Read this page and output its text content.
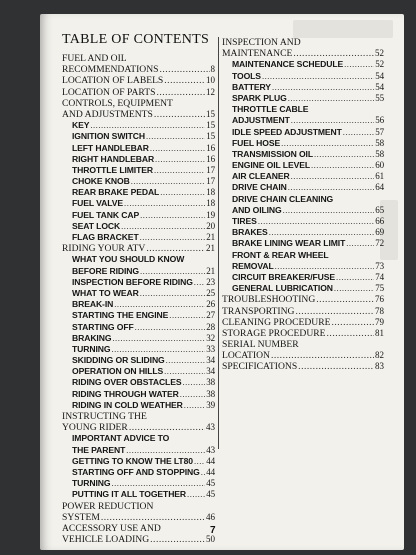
TABLE OF CONTENTS
FUEL AND OIL
RECOMMENDATIONS .....	8
LOCATION OF LABELS .....	10
LOCATION OF PARTS .....	12
CONTROLS, EQUIPMENT
AND ADJUSTMENTS .....	15
KEY .....	15
IGNITION SWITCH .....	15
LEFT HANDLEBAR .....	16
RIGHT HANDLEBAR .....	16
THROTTLE LIMITER .....	17
CHOKE KNOB .....	17
REAR BRAKE PEDAL .....	18
FUEL VALVE .....	18
FUEL TANK CAP .....	19
SEAT LOCK .....	20
FLAG BRACKET .....	21
RIDING YOUR ATV .....	21
WHAT YOU SHOULD KNOW
BEFORE RIDING .....	21
INSPECTION BEFORE RIDING ..... 23
WHAT TO WEAR .....	25
BREAK-IN .....	26
STARTING THE ENGINE .....	27
STARTING OFF .....	28
BRAKING .....	32
TURNING .....	33
SKIDDING OR SLIDING .....	34
OPERATION ON HILLS .....	34
RIDING OVER OBSTACLES .....	38
RIDING THROUGH WATER .....	38
RIDING IN COLD WEATHER .....	39
INSTRUCTING THE
YOUNG RIDER .....	43
IMPORTANT ADVICE TO
THE PARENT .....	43
GETTING TO KNOW THE LT80 ..... 44
STARTING OFF AND STOPPING ..... 44
TURNING .....	45
PUTTING IT ALL TOGETHER ..... 45
POWER REDUCTION
SYSTEM .....	46
ACCESSORY USE AND
VEHICLE LOADING .....	50
INSPECTION AND
MAINTENANCE .....	52
MAINTENANCE SCHEDULE .....	52
TOOLS .....	54
BATTERY .....	54
SPARK PLUG .....	55
THROTTLE CABLE
ADJUSTMENT .....	56
IDLE SPEED ADJUSTMENT .....	57
FUEL HOSE .....	58
TRANSMISSION OIL .....	58
ENGINE OIL LEVEL .....	60
AIR CLEANER .....	61
DRIVE CHAIN .....	64
DRIVE CHAIN CLEANING
AND OILING .....	65
TIRES .....	66
BRAKES .....	69
BRAKE LINING WEAR LIMIT .....	72
FRONT & REAR WHEEL
REMOVAL .....	73
CIRCUIT BREAKER/FUSE .....	74
GENERAL LUBRICATION .....	75
TROUBLESHOOTING .....	76
TRANSPORTING .....	78
CLEANING PROCEDURE .....	79
STORAGE PROCEDURE .....	81
SERIAL NUMBER
LOCATION .....	82
SPECIFICATIONS .....	83
7
